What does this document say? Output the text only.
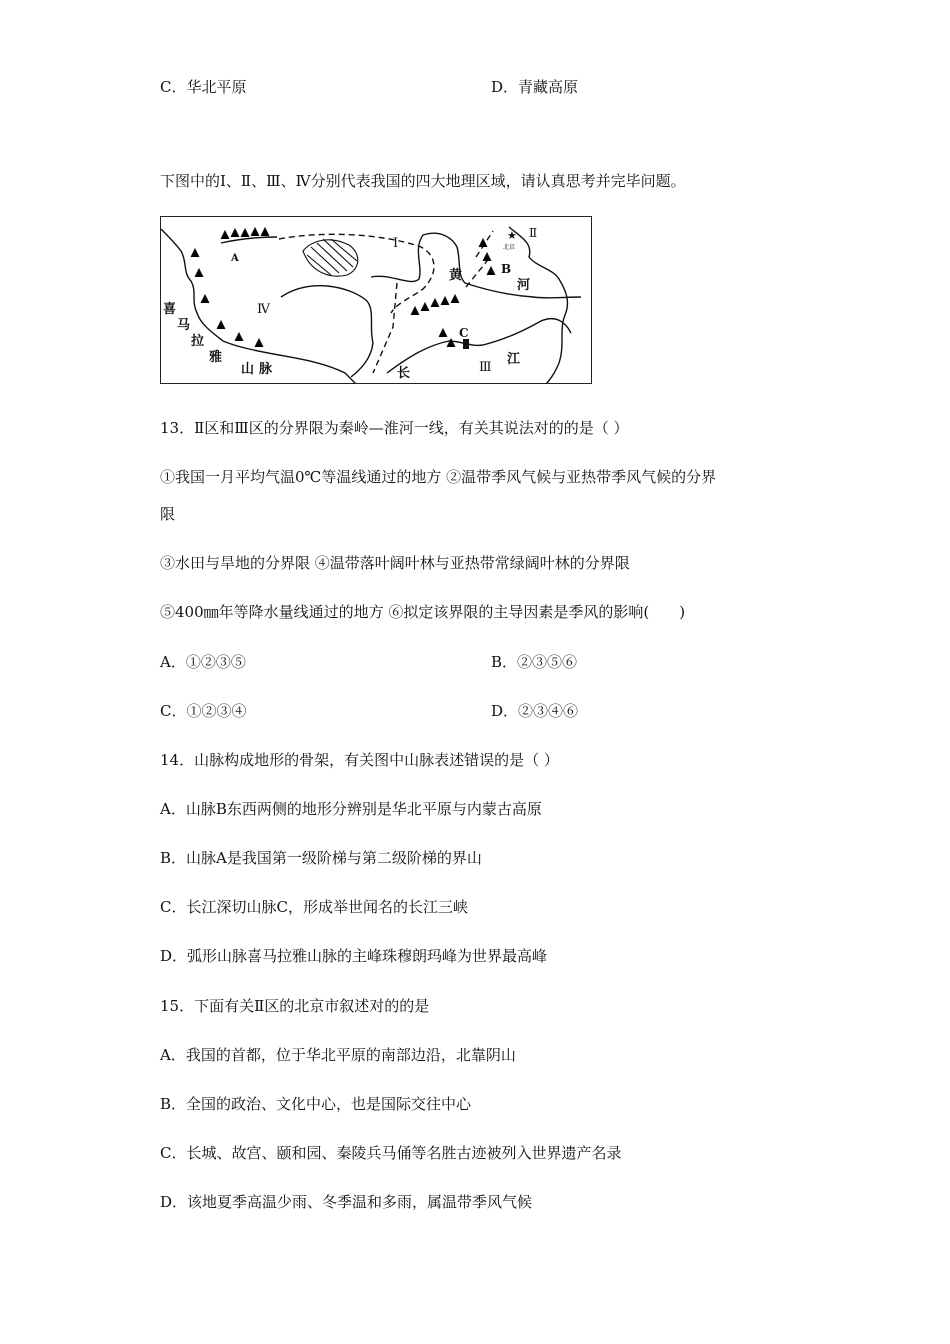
C．华北平原	D．青藏高原
下图中的Ⅰ、Ⅱ、Ⅲ、Ⅳ分别代表我国的四大地理区域，请认真思考并完毕问题。
★
北京
Ⅰ
Ⅱ
Ⅲ
Ⅳ
A
B
C
黄
河
长
江
喜
马
拉
雅
山 脉
13．Ⅱ区和Ⅲ区的分界限为秦岭—淮河一线，有关其说法对的的是（ ）
①我国一月平均气温0℃等温线通过的地方 ②温带季风气候与亚热带季风气候的分界
限
③水田与旱地的分界限 ④温带落叶阔叶林与亚热带常绿阔叶林的分界限
⑤400㎜年等降水量线通过的地方 ⑥拟定该界限的主导因素是季风的影响(　　)
A．①②③⑤	B．②③⑤⑥
C．①②③④	D．②③④⑥
14．山脉构成地形的骨架，有关图中山脉表述错误的是（ ）
A．山脉B东西两侧的地形分辨别是华北平原与内蒙古高原
B．山脉A是我国第一级阶梯与第二级阶梯的界山
C．长江深切山脉C，形成举世闻名的长江三峡
D．弧形山脉喜马拉雅山脉的主峰珠穆朗玛峰为世界最高峰
15．下面有关Ⅱ区的北京市叙述对的的是
A．我国的首都，位于华北平原的南部边沿，北靠阴山
B．全国的政治、文化中心，也是国际交往中心
C．长城、故宫、颐和园、秦陵兵马俑等名胜古迹被列入世界遗产名录
D．该地夏季高温少雨、冬季温和多雨，属温带季风气候
